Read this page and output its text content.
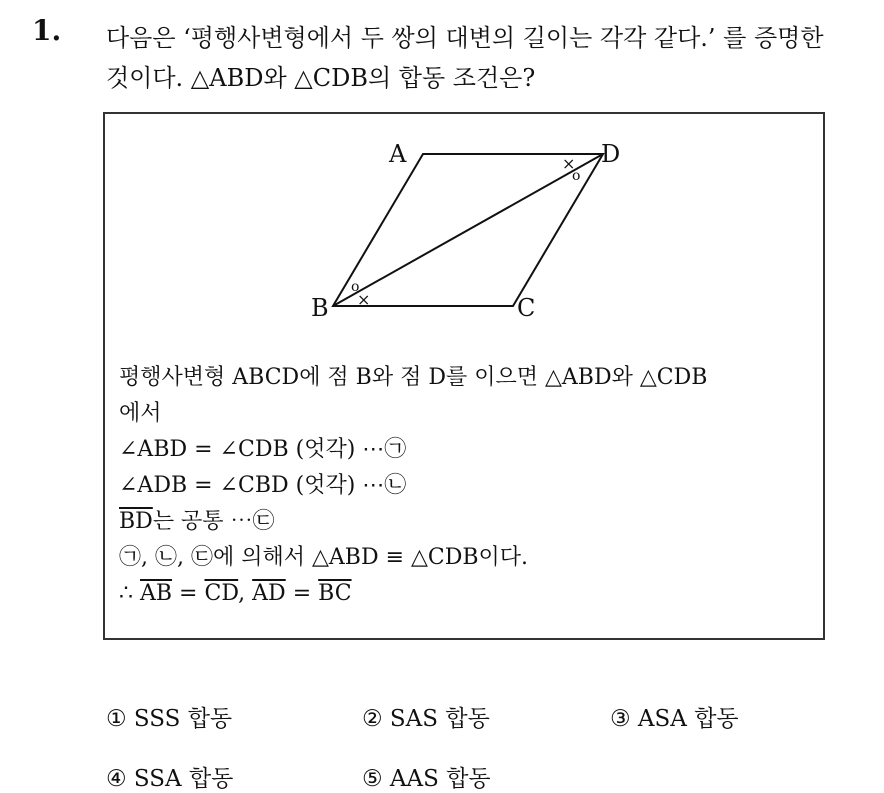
1. 다음은 ‘평행사변형에서 두 쌍의 대변의 길이는 각각 같다.’ 를 증명한
것이다. △ABD와 △CDB의 합동 조건은?
A	D
B	C
×
o
o
×
평행사변형 ABCD에 점 B와 점 D를 이으면 △ABD와 △CDB
에서
∠ABD = ∠CDB (엇각) ⋯㉠
∠ADB = ∠CBD (엇각) ⋯㉡
$\overline{BD}$는 공통 ⋯㉢
㉠, ㉡, ㉢에 의해서 △ABD ≡ △CDB이다.
∴ $\overline{AB} = \overline{CD}$, $\overline{AD} = \overline{BC}$
① SSS 합동	② SAS 합동	③ ASA 합동
④ SSA 합동	⑤ AAS 합동
